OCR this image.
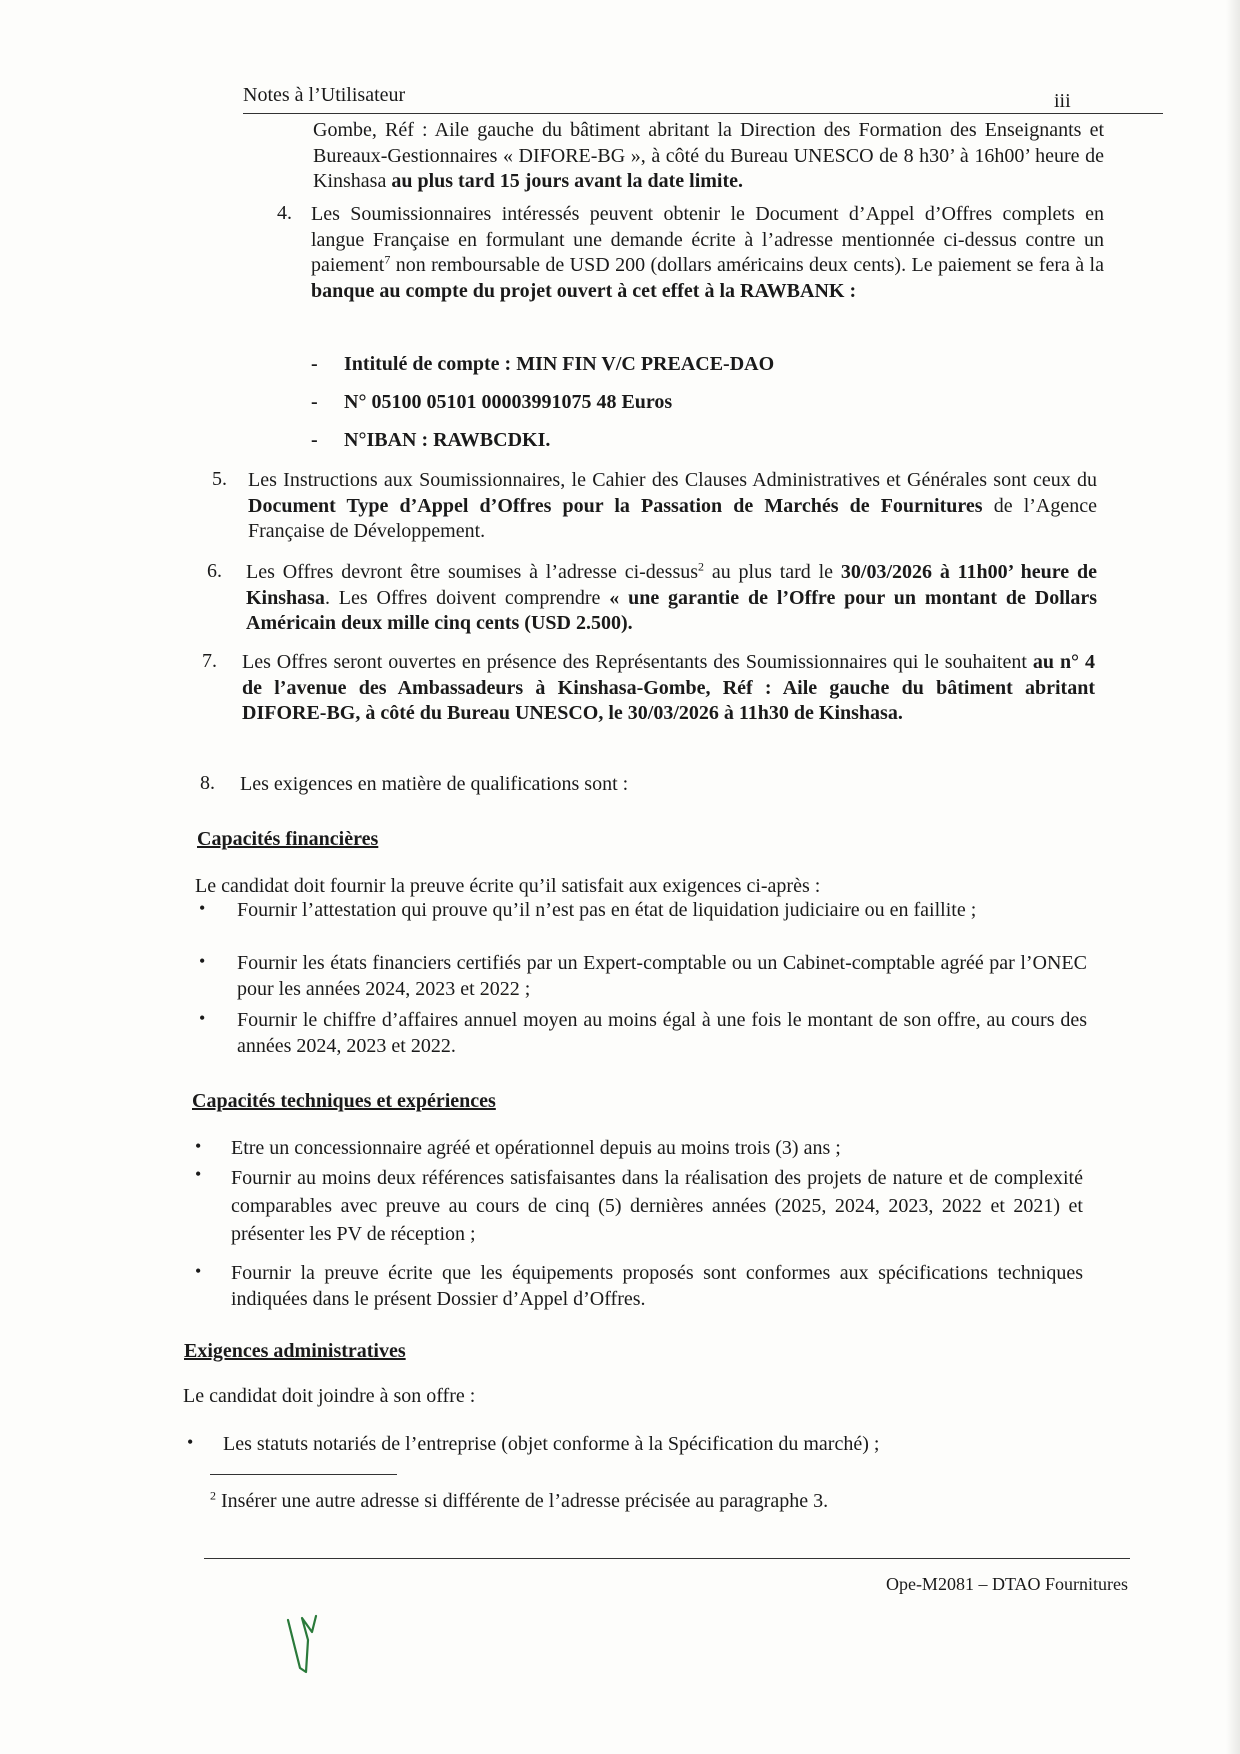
Notes à l’Utilisateur	iii
Gombe, Réf : Aile gauche du bâtiment abritant la Direction des Formation des Enseignants et Bureaux-Gestionnaires « DIFORE-BG », à côté du Bureau UNESCO de 8 h30’ à 16h00’ heure de Kinshasa au plus tard 15 jours avant la date limite.
4. Les Soumissionnaires intéressés peuvent obtenir le Document d’Appel d’Offres complets en langue Française en formulant une demande écrite à l’adresse mentionnée ci-dessus contre un paiement$^7$ non remboursable de USD 200 (dollars américains deux cents). Le paiement se fera à la banque au compte du projet ouvert à cet effet à la RAWBANK :
- Intitulé de compte : MIN FIN V/C PREACE-DAO
- N° 05100 05101 00003991075 48 Euros
- N°IBAN : RAWBCDKI.
5. Les Instructions aux Soumissionnaires, le Cahier des Clauses Administratives et Générales sont ceux du Document Type d’Appel d’Offres pour la Passation de Marchés de Fournitures de l’Agence Française de Développement.
6. Les Offres devront être soumises à l’adresse ci-dessus$^2$ au plus tard le 30/03/2026 à 11h00’ heure de Kinshasa. Les Offres doivent comprendre « une garantie de l’Offre pour un montant de Dollars Américain deux mille cinq cents (USD 2.500).
7. Les Offres seront ouvertes en présence des Représentants des Soumissionnaires qui le souhaitent au n° 4 de l’avenue des Ambassadeurs à Kinshasa-Gombe, Réf : Aile gauche du bâtiment abritant DIFORE-BG, à côté du Bureau UNESCO, le 30/03/2026 à 11h30 de Kinshasa.
8. Les exigences en matière de qualifications sont :
Capacités financières
Le candidat doit fournir la preuve écrite qu’il satisfait aux exigences ci-après :
• Fournir l’attestation qui prouve qu’il n’est pas en état de liquidation judiciaire ou en faillite ;
• Fournir les états financiers certifiés par un Expert-comptable ou un Cabinet-comptable agréé par l’ONEC pour les années 2024, 2023 et 2022 ;
• Fournir le chiffre d’affaires annuel moyen au moins égal à une fois le montant de son offre, au cours des années 2024, 2023 et 2022.
Capacités techniques et expériences
• Etre un concessionnaire agréé et opérationnel depuis au moins trois (3) ans ;
• Fournir au moins deux références satisfaisantes dans la réalisation des projets de nature et de complexité comparables avec preuve au cours de cinq (5) dernières années (2025, 2024, 2023, 2022 et 2021) et présenter les PV de réception ;
• Fournir la preuve écrite que les équipements proposés sont conformes aux spécifications techniques indiquées dans le présent Dossier d’Appel d’Offres.
Exigences administratives
Le candidat doit joindre à son offre :
• Les statuts notariés de l’entreprise (objet conforme à la Spécification du marché) ;
$^2$ Insérer une autre adresse si différente de l’adresse précisée au paragraphe 3.
Ope-M2081 – DTAO Fournitures
